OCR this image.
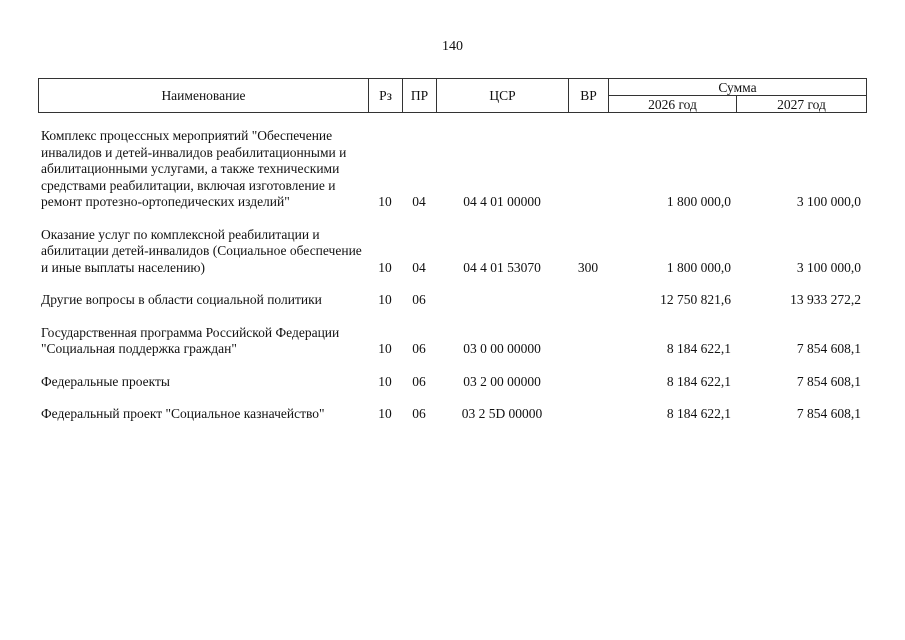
140
Наименование	Рз	ПР	ЦСР	ВР	Сумма	
					2026 год	2027 год
Комплекс процессных мероприятий "Обеспечение инвалидов и детей-инвалидов реабилитационными и абилитационными услугами, а также техническими средствами реабилитации, включая изготовление и ремонт протезно-ортопедических изделий"	10	04	04 4 01 00000		1 800 000,0	3 100 000,0
Оказание услуг по комплексной реабилитации и абилитации детей-инвалидов (Социальное обеспечение и иные выплаты населению)	10	04	04 4 01 53070	300	1 800 000,0	3 100 000,0
Другие вопросы в области социальной политики	10	06			12 750 821,6	13 933 272,2
Государственная программа Российской Федерации "Социальная поддержка граждан"	10	06	03 0 00 00000		8 184 622,1	7 854 608,1
Федеральные проекты	10	06	03 2 00 00000		8 184 622,1	7 854 608,1
Федеральный проект "Социальное казначейство"	10	06	03 2 5D 00000		8 184 622,1	7 854 608,1
